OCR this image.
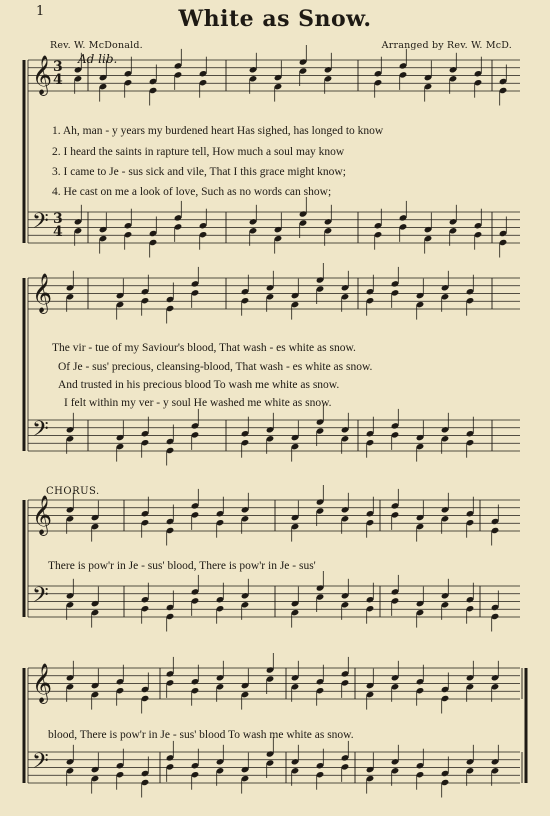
1	White as Snow.
Rev. W. McDonald.	Arranged by Rev. W. McD.
Ad lib.
CHORUS.
𝄞
𝄢
3
4
3
4
𝄞
𝄢
𝄞
𝄢
𝄞
𝄢
1. Ah, man - y years my burdened heart Has sighed, has longed to know
2. I heard the saints in rapture tell, How much a soul may know
3. I came to Je - sus sick and vile, That I this grace might know;
4. He cast on me a look of love, Such as no words can show;
The vir - tue of my Saviour's blood, That wash - es white as snow.
Of Je - sus' precious, cleansing-blood, That wash - es white as snow.
And trusted in his precious blood To wash me white as snow.
I felt within my ver - y soul He washed me white as snow.
There is pow'r in Je - sus' blood, There is pow'r in Je - sus'
blood, There is pow'r in Je - sus' blood To wash me white as snow.
